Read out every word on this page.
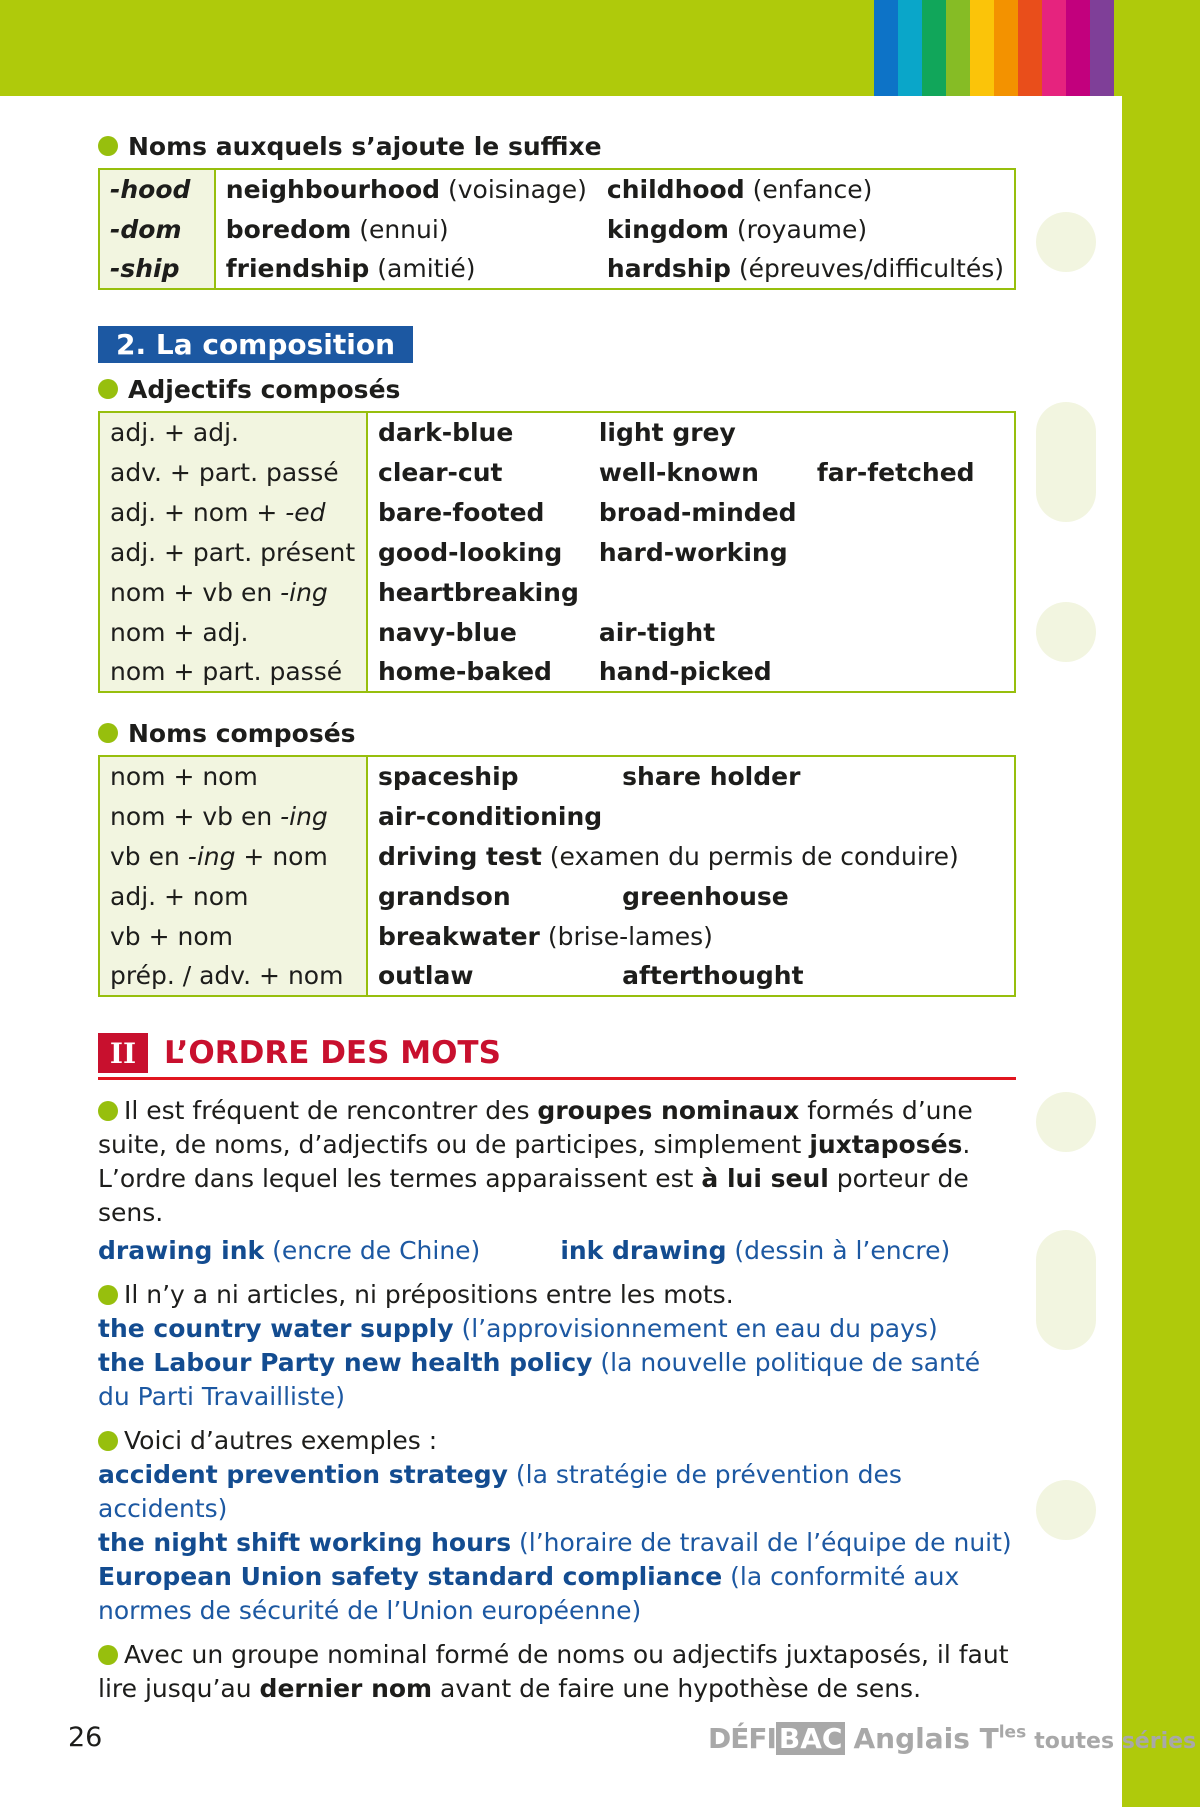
Noms auxquels s’ajoute le suffixe
-hood	neighbourhood (voisinage)	childhood (enfance)
-dom	boredom (ennui)	kingdom (royaume)
-ship	friendship (amitié)	hardship (épreuves/difficultés)
2. La composition
Adjectifs composés
adj. + adj.	dark-blue	light grey	
adv. + part. passé	clear-cut	well-known	far-fetched
adj. + nom + -ed	bare-footed	broad-minded	
adj. + part. présent	good-looking	hard-working	
nom + vb en -ing	heartbreaking		
nom + adj.	navy-blue	air-tight	
nom + part. passé	home-baked	hand-picked	
Noms composés
nom + nom	spaceship	share holder
nom + vb en -ing	air-conditioning	
vb en -ing + nom	driving test (examen du permis de conduire)	
adj. + nom	grandson	greenhouse
vb + nom	breakwater (brise-lames)	
prép. / adv. + nom	outlaw	afterthought
II L’ORDRE DES MOTS
Il est fréquent de rencontrer des groupes nominaux formés d’une suite, de noms, d’adjectifs ou de participes, simplement juxtaposés. L’ordre dans lequel les termes apparaissent est à lui seul porteur de sens.
drawing ink (encre de Chine)	ink drawing (dessin à l’encre)
Il n’y a ni articles, ni prépositions entre les mots.
the country water supply (l’approvisionnement en eau du pays)
the Labour Party new health policy (la nouvelle politique de santé du Parti Travailliste)
Voici d’autres exemples :
accident prevention strategy (la stratégie de prévention des accidents)
the night shift working hours (l’horaire de travail de l’équipe de nuit)
European Union safety standard compliance (la conformité aux normes de sécurité de l’Union européenne)
Avec un groupe nominal formé de noms ou adjectifs juxtaposés, il faut lire jusqu’au dernier nom avant de faire une hypothèse de sens.
26	DÉFI BAC Anglais $T^{les}$ toutes séries
